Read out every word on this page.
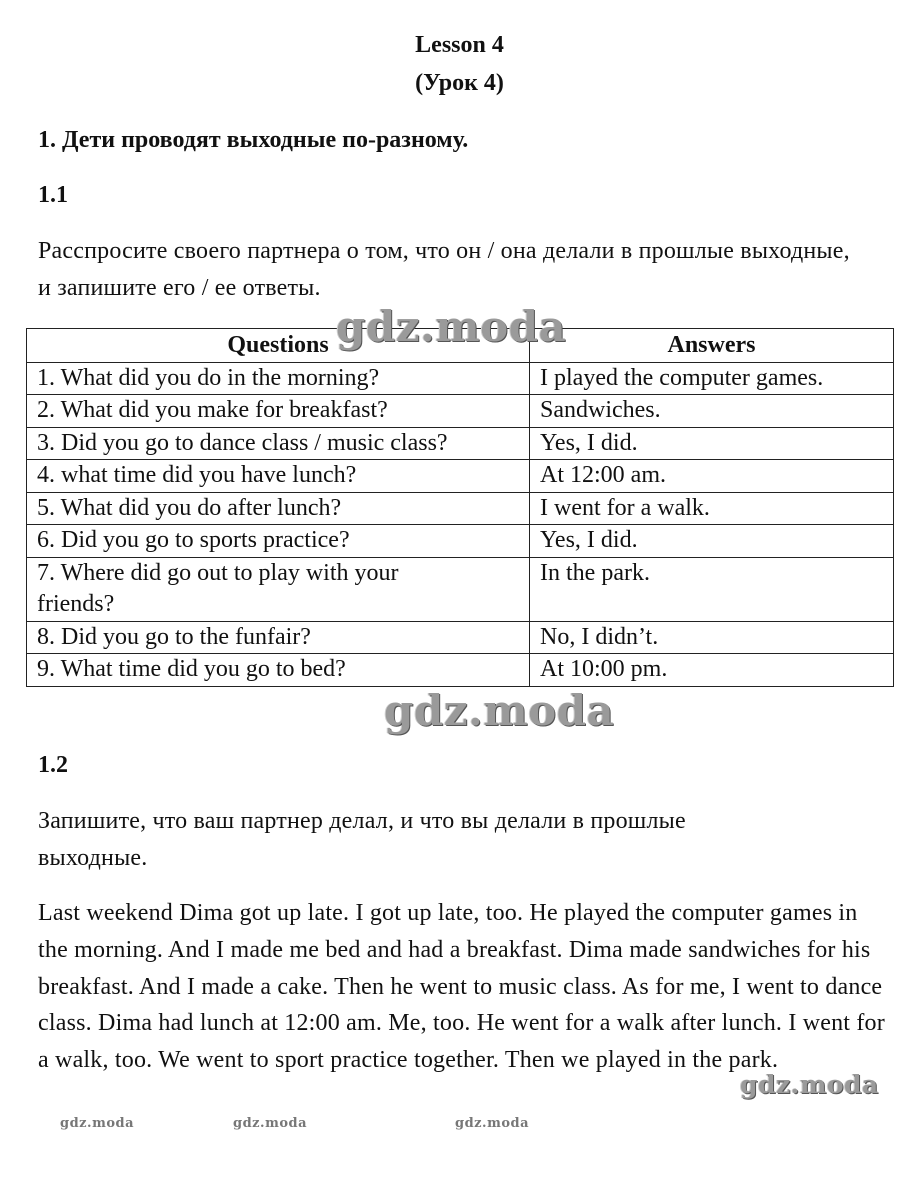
Lesson 4
(Урок 4)
1. Дети проводят выходные по-разному.
1.1
Расспросите своего партнера о том, что он / она делали в прошлые выходные, и запишите его / ее ответы.
Questions	Answers
1. What did you do in the morning?	I played the computer games.
2. What did you make for breakfast?	Sandwiches.
3. Did you go to dance class / music class?	Yes, I did.
4. what time did you have lunch?	At 12:00 am.
5. What did you do after lunch?	I went for a walk.
6. Did you go to sports practice?	Yes, I did.
7. Where did go out to play with your friends?	In the park.
8. Did you go to the funfair?	No, I didn’t.
9. What time did you go to bed?	At 10:00 pm.
1.2
Запишите, что ваш партнер делал, и что вы делали в прошлые выходные.
Last weekend Dima got up late. I got up late, too. He played the computer games in the morning. And I made me bed and had a breakfast. Dima made sandwiches for his breakfast. And I made a cake. Then he went to music class. As for me, I went to dance class. Dima had lunch at 12:00 am. Me, too. He went for a walk after lunch. I went for a walk, too. We went to sport practice together. Then we played in the park.
gdz.moda
gdz.moda
gdz.moda
gdz.moda	gdz.moda	gdz.moda
